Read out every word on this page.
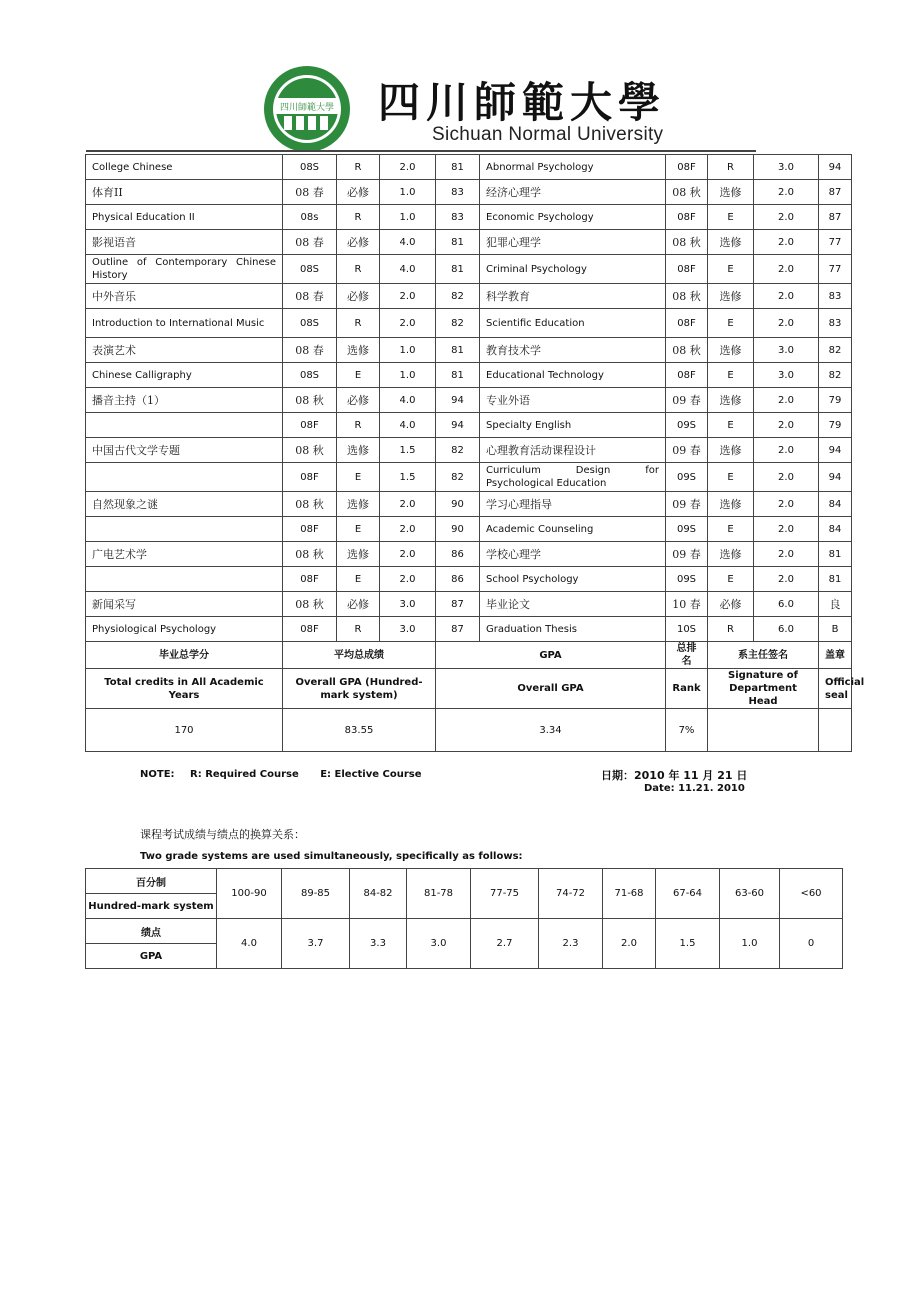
四川師範大學 四川師範大學
Sichuan Normal University
College Chinese	08S	R	2.0	81	Abnormal Psychology	08F	R	3.0	94
体育II	08 春	必修	1.0	83	经济心理学	08 秋	选修	2.0	87
Physical Education II	08s	R	1.0	83	Economic Psychology	08F	E	2.0	87
影视语音	08 春	必修	4.0	81	犯罪心理学	08 秋	选修	2.0	77
Outline of Contemporary Chinese History	08S	R	4.0	81	Criminal Psychology	08F	E	2.0	77
中外音乐	08 春	必修	2.0	82	科学教育	08 秋	选修	2.0	83
Introduction to International Music	08S	R	2.0	82	Scientific Education	08F	E	2.0	83
表演艺术	08 春	选修	1.0	81	教育技术学	08 秋	选修	3.0	82
Chinese Calligraphy	08S	E	1.0	81	Educational Technology	08F	E	3.0	82
播音主持（1）	08 秋	必修	4.0	94	专业外语	09 春	选修	2.0	79
	08F	R	4.0	94	Specialty English	09S	E	2.0	79
中国古代文学专题	08 秋	选修	1.5	82	心理教育活动课程设计	09 春	选修	2.0	94
	08F	E	1.5	82	Curriculum Design for Psychological Education	09S	E	2.0	94
自然现象之谜	08 秋	选修	2.0	90	学习心理指导	09 春	选修	2.0	84
	08F	E	2.0	90	Academic Counseling	09S	E	2.0	84
广电艺术学	08 秋	选修	2.0	86	学校心理学	09 春	选修	2.0	81
	08F	E	2.0	86	School Psychology	09S	E	2.0	81
新闻采写	08 秋	必修	3.0	87	毕业论文	10 春	必修	6.0	良
Physiological Psychology	08F	R	3.0	87	Graduation Thesis	10S	R	6.0	B
毕业总学分	平均总成绩			GPA		总排名	系主任签名		盖章
Total credits in All Academic Years	Overall GPA (Hundred-mark system)			Overall GPA		Rank	Signature of Department Head		Official seal
170	83.55			3.34		7%			
NOTE: R: Required Course E: Elective Course	日期：2010 年 11 月 21 日
Date: 11.21. 2010
课程考试成绩与绩点的换算关系：
Two grade systems are used simultaneously, specifically as follows:
百分制	100-90	89-85	84-82	81-78	77-75	74-72	71-68	67-64	63-60	<60
Hundred-mark system										
绩点	4.0	3.7	3.3	3.0	2.7	2.3	2.0	1.5	1.0	0
GPA										
